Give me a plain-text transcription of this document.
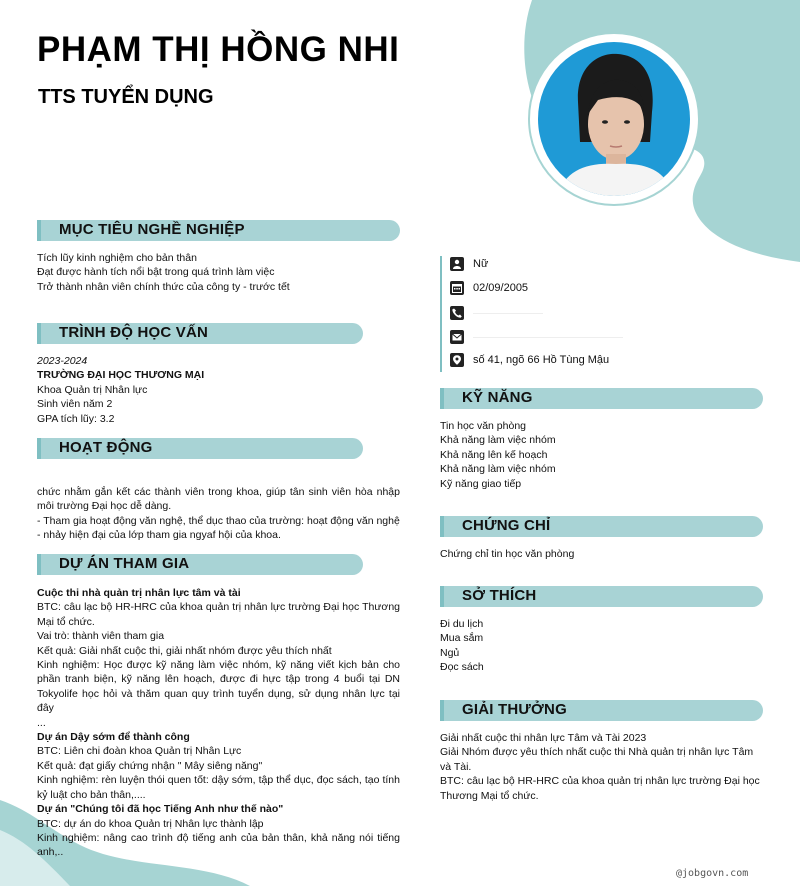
PHẠM THỊ HỒNG NHI
TTS TUYỂN DỤNG
MỤC TIÊU NGHỀ NGHIỆP
Tích lũy kinh nghiệm cho bản thân
Đạt được hành tích nổi bật trong quá trình làm việc
Trở thành nhân viên chính thức của công ty - trước tết
TRÌNH ĐỘ HỌC VẤN
2023-2024
TRƯỜNG ĐẠI HỌC THƯƠNG MẠI
Khoa Quản trị Nhân lực
Sinh viên năm 2
GPA tích lũy: 3.2
HOẠT ĐỘNG
chức nhằm gắn kết các thành viên trong khoa, giúp tân sinh viên hòa nhập môi trường Đại học dễ dàng.
- Tham gia hoạt động văn nghệ, thể dục thao của trường: hoạt động văn nghệ
- nhảy hiện đại của lớp tham gia ngyaf hội của khoa.
DỰ ÁN THAM GIA
Cuộc thi nhà quản trị nhân lực tâm và tài
BTC: câu lạc bộ HR-HRC của khoa quản trị nhân lực trường Đại học Thương Mại tổ chức.
Vai trò: thành viên tham gia
Kết quả: Giải nhất cuộc thi, giải nhất nhóm được yêu thích nhất
Kinh nghiệm: Học được kỹ năng làm việc nhóm, kỹ năng viết kịch bản cho phần tranh biện, kỹ năng lên hoạch, được đi hực tập trong 4 buổi tại DN Tokyolife học hỏi và thăm quan quy trình tuyển dụng, sử dụng nhân lực tại đây
...
Dự án Dậy sớm để thành công
BTC: Liên chi đoàn khoa Quản trị Nhân Lực
Kết quả: đạt giấy chứng nhận " Mây siêng năng"
Kinh nghiệm: rèn luyện thói quen tốt: dậy sớm, tập thể dục, đọc sách, tạo tính kỷ luật cho bản thân,....
Dự án "Chúng tôi đã học Tiếng Anh như thế nào"
BTC: dự án do khoa Quản trị Nhân lực thành lập
Kinh nghiệm: nâng cao trình độ tiếng anh của bản thân, khả năng nói tiếng anh,..
Nữ
02/09/2005
số 41, ngõ 66 Hồ Tùng Mậu
KỸ NĂNG
Tin học văn phòng
Khả năng làm việc nhóm
Khả năng lên kế hoạch
Khả năng làm việc nhóm
Kỹ năng giao tiếp
CHỨNG CHỈ
Chứng chỉ tin học văn phòng
SỞ THÍCH
Đi du lịch
Mua sắm
Ngủ
Đọc sách
GIẢI THƯỞNG
Giải nhất cuộc thi nhân lực Tâm và Tài 2023
Giải Nhóm được yêu thích nhất cuộc thi Nhà quản trị nhân lực Tâm và Tài.
BTC: câu lạc bộ HR-HRC của khoa quản trị nhân lực trường Đại học Thương Mại tổ chức.
@jobgovn.com
